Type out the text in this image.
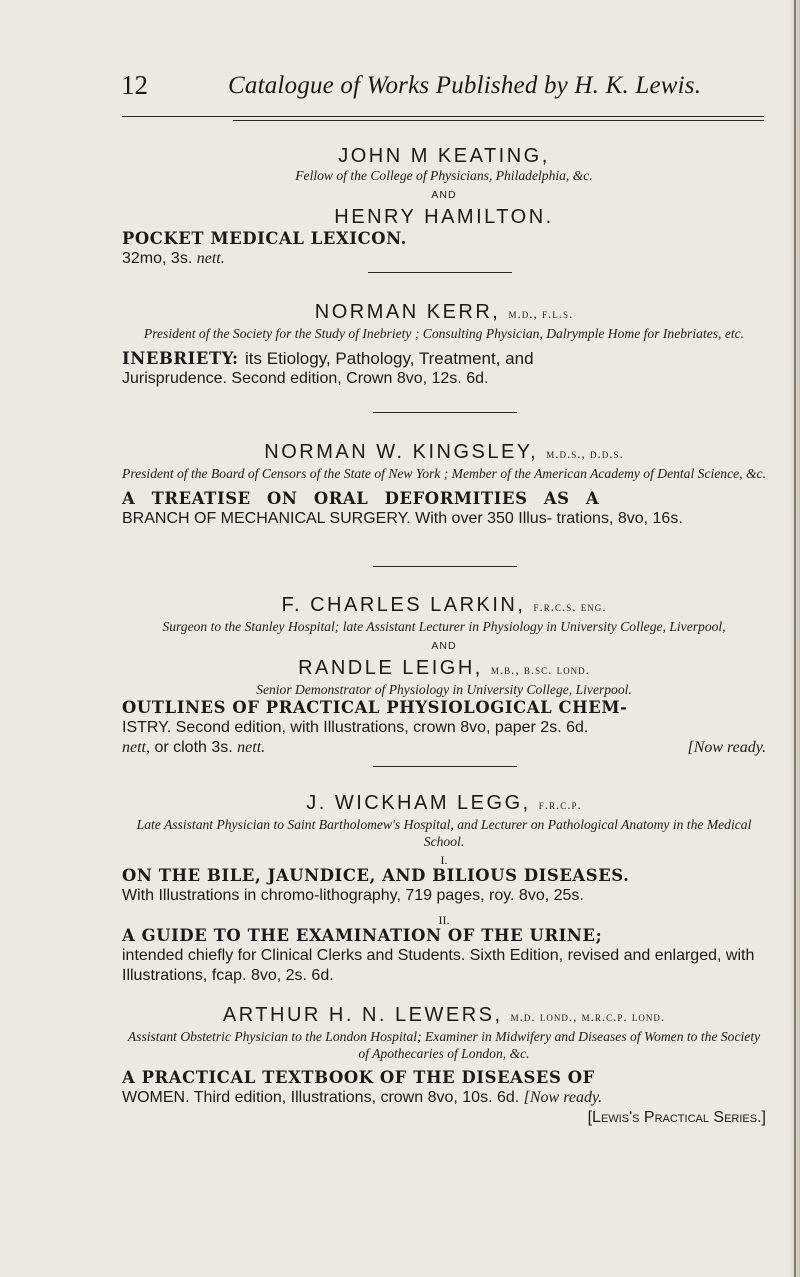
12	Catalogue of Works Published by H. K. Lewis.
JOHN M KEATING,
Fellow of the College of Physicians, Philadelphia, &c.
AND
HENRY HAMILTON.
POCKET MEDICAL LEXICON.
32mo, 3s. nett.
NORMAN KERR, m.d., f.l.s.
President of the Society for the Study of Inebriety ; Consulting Physician, Dalrymple Home for Inebriates, etc.
INEBRIETY: its Etiology, Pathology, Treatment, and
Jurisprudence. Second edition, Crown 8vo, 12s. 6d.
NORMAN W. KINGSLEY, m.d.s., d.d.s.
President of the Board of Censors of the State of New York ; Member of the American Academy of Dental Science, &c.
A TREATISE ON ORAL DEFORMITIES AS A
BRANCH OF MECHANICAL SURGERY. With over 350 Illus- trations, 8vo, 16s.
F. CHARLES LARKIN, f.r.c.s. eng.
Surgeon to the Stanley Hospital; late Assistant Lecturer in Physiology in University College, Liverpool,
AND
RANDLE LEIGH, m.b., b.sc. lond.
Senior Demonstrator of Physiology in University College, Liverpool.
OUTLINES OF PRACTICAL PHYSIOLOGICAL CHEM-
ISTRY. Second edition, with Illustrations, crown 8vo, paper 2s. 6d.
nett, or cloth 3s. nett.	[Now ready.
J. WICKHAM LEGG, f.r.c.p.
Late Assistant Physician to Saint Bartholomew's Hospital, and Lecturer on Pathological Anatomy in the Medical School.
I.
ON THE BILE, JAUNDICE, AND BILIOUS DISEASES.
With Illustrations in chromo-lithography, 719 pages, roy. 8vo, 25s.
II.
A GUIDE TO THE EXAMINATION OF THE URINE;
intended chiefly for Clinical Clerks and Students. Sixth Edition, revised and enlarged, with Illustrations, fcap. 8vo, 2s. 6d.
ARTHUR H. N. LEWERS, m.d. lond., m.r.c.p. lond.
Assistant Obstetric Physician to the London Hospital; Examiner in Midwifery and Diseases of Women to the Society of Apothecaries of London, &c.
A PRACTICAL TEXTBOOK OF THE DISEASES OF
WOMEN. Third edition, Illustrations, crown 8vo, 10s. 6d. [Now ready.
[Lewis's Practical Series.]
